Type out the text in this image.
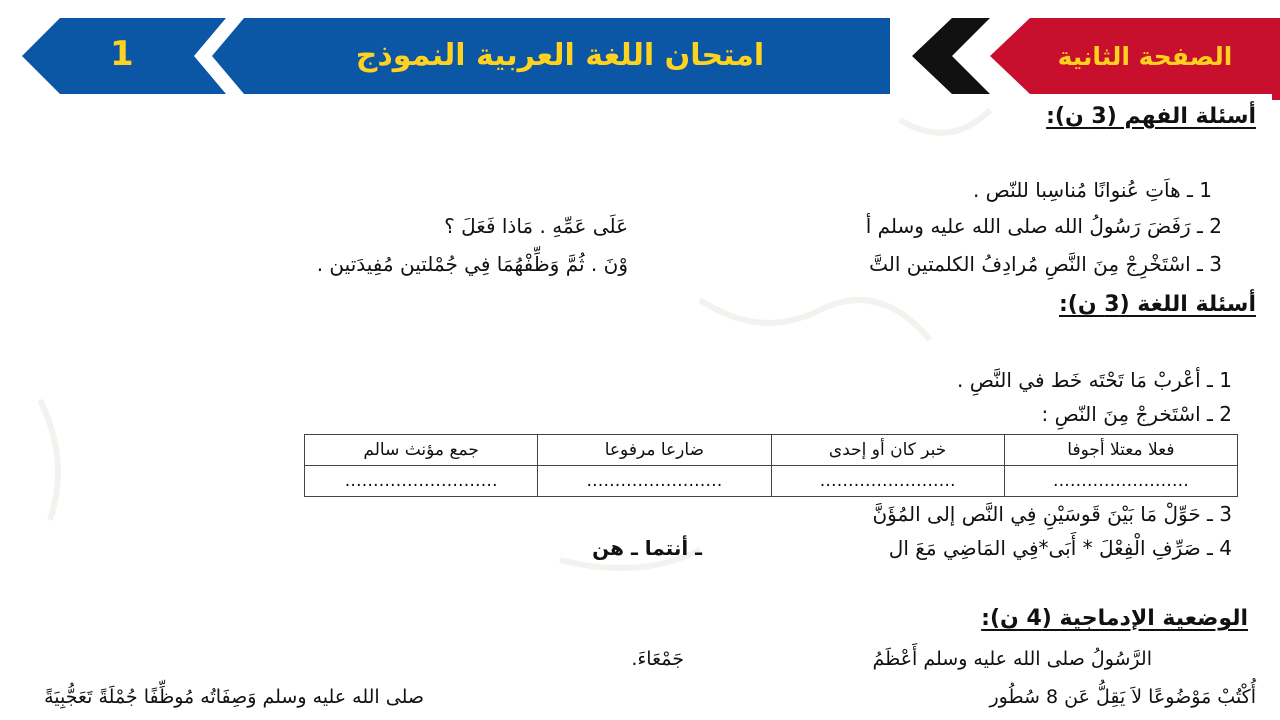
1	امتحان اللغة العربية النموذج	الصفحة الثانية
أسئلة الفهم (3 ن):
1 ـ هاَتِ عُنوانًا مُناسِبا للنّص .
2 ـ رَفَضَ رَسُولُ الله صلى الله عليه وسلم أ
عَلَى عَمِّهِ . مَاذا فَعَلَ ؟
3 ـ اسْتَخْرِجْ مِنَ النَّصِ مُرادِفُ الكلمتين التَّ
وْنَ . ثُمَّ وَظِّفْهُمَا فِي جُمْلتين مُفِيدَتين .
أسئلة اللغة (3 ن):
1 ـ أعْربْ مَا تَحْتَه خَط في النَّصِ .
2 ـ اسْتَخرجْ مِنَ النّصِ :
فعلا معتلا أجوفا	خبر كان أو إحدى	ضارعا مرفوعا	جمع مؤنث سالم
……………………	……………………	……………………	………………………
3 ـ حَوِّلْ مَا بَيْنَ قَوسَيْنِ فِي النَّص إلى المُؤَنَّ
4 ـ صَرِّفِ الْفِعْلَ * أَبَى*فِي المَاضِي مَعَ ال
ـ أنتما ـ هن
الوضعية الإدماجية (4 ن):
الرَّسُولُ صلى الله عليه وسلم أَعْظَمُ
جَمْعَاءَ.
أُكْتُبْ مَوْضُوعًا لاَ يَقِلُّ عَن 8 سُطُور
صلى الله عليه وسلم وَصِفَاتُه مُوظِّفًا جُمْلَةً تَعَجُّبِيَةً
